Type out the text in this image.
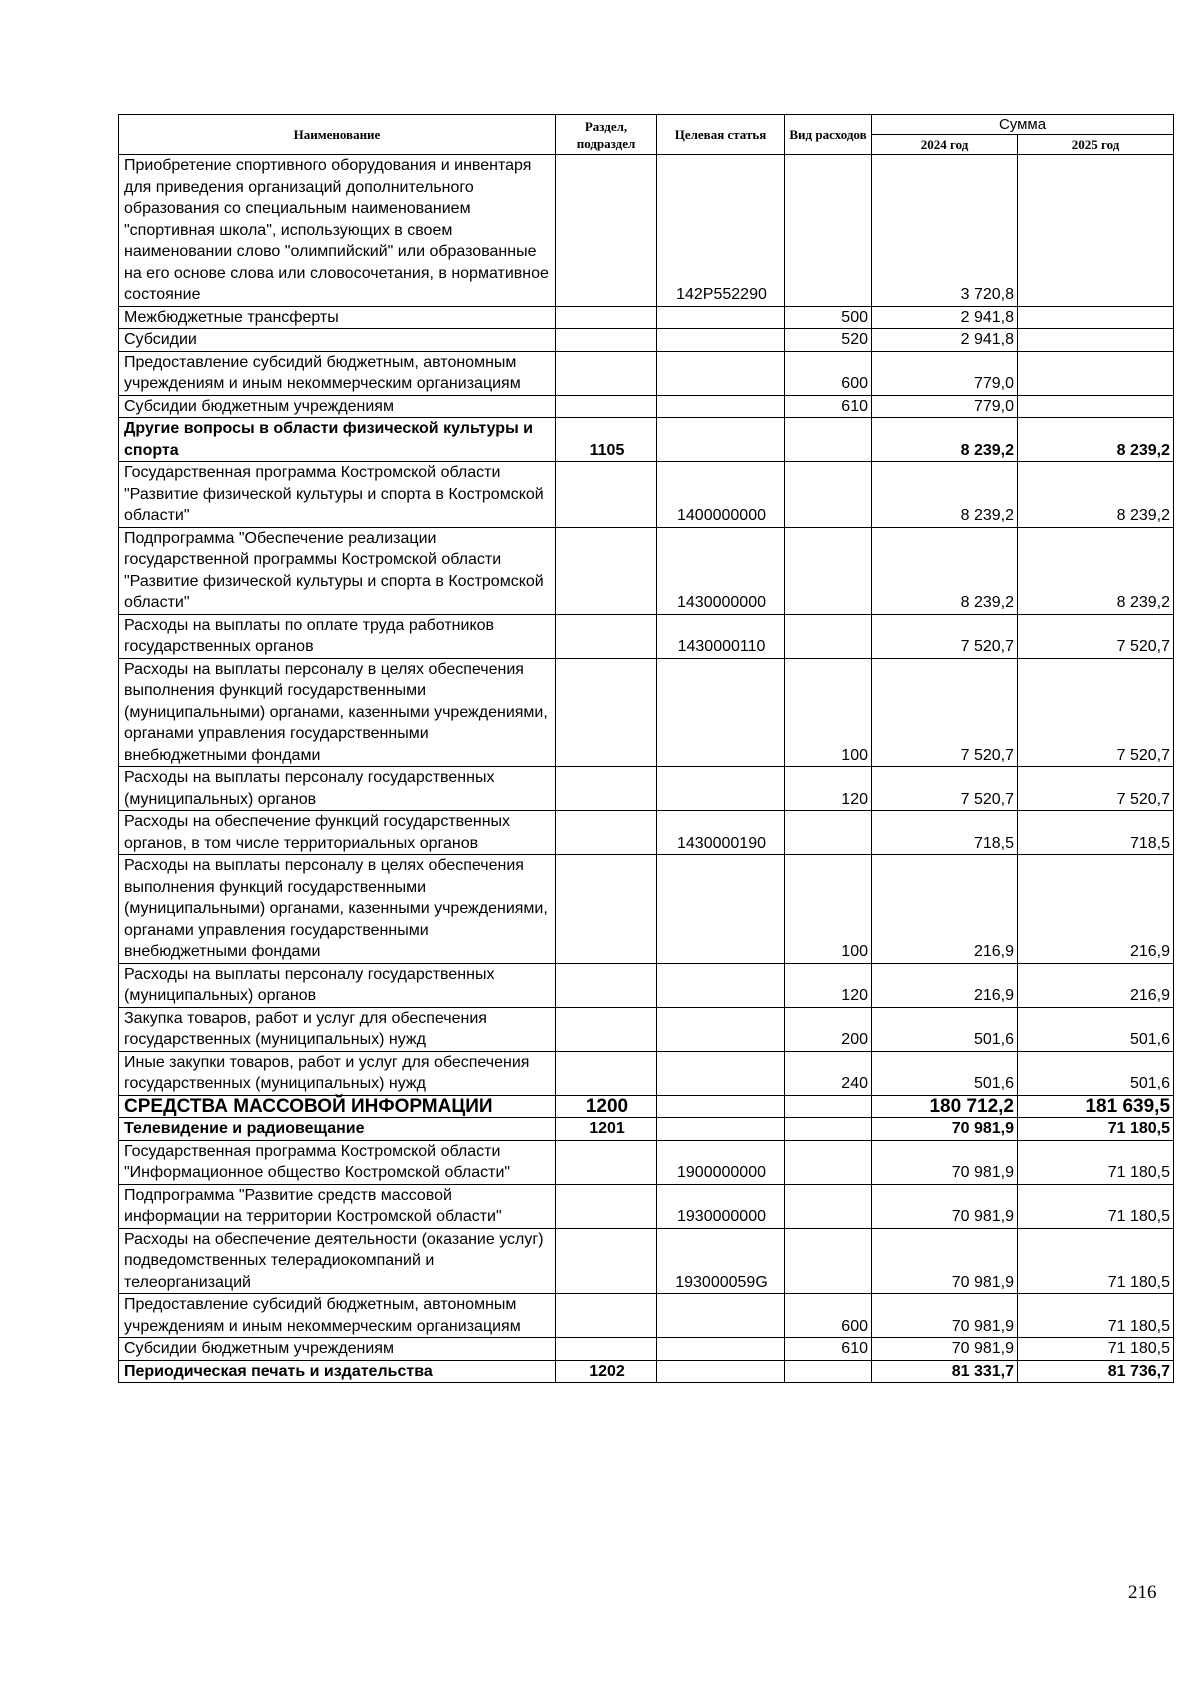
Наименование	Раздел, подраздел	Целевая статья	Вид расходов	Сумма	
				2024 год	2025 год
Приобретение спортивного оборудования и инвентаря для приведения организаций дополнительного образования со специальным наименованием "спортивная школа", использующих в своем наименовании слово "олимпийский" или образованные на его основе слова или словосочетания, в нормативное состояние		142P552290		3 720,8	
Межбюджетные трансферты			500	2 941,8	
Субсидии			520	2 941,8	
Предоставление субсидий бюджетным, автономным учреждениям и иным некоммерческим организациям			600	779,0	
Субсидии бюджетным учреждениям			610	779,0	
Другие вопросы в области физической культуры и спорта	1105			8 239,2	8 239,2
Государственная программа Костромской области "Развитие физической культуры и спорта в Костромской области"		1400000000		8 239,2	8 239,2
Подпрограмма "Обеспечение реализации государственной программы Костромской области "Развитие физической культуры и спорта в Костромской области"		1430000000		8 239,2	8 239,2
Расходы на выплаты по оплате труда работников государственных органов		1430000110		7 520,7	7 520,7
Расходы на выплаты персоналу в целях обеспечения выполнения функций государственными (муниципальными) органами, казенными учреждениями, органами управления государственными внебюджетными фондами			100	7 520,7	7 520,7
Расходы на выплаты персоналу государственных (муниципальных) органов			120	7 520,7	7 520,7
Расходы на обеспечение функций государственных органов, в том числе территориальных органов		1430000190		718,5	718,5
Расходы на выплаты персоналу в целях обеспечения выполнения функций государственными (муниципальными) органами, казенными учреждениями, органами управления государственными внебюджетными фондами			100	216,9	216,9
Расходы на выплаты персоналу государственных (муниципальных) органов			120	216,9	216,9
Закупка товаров, работ и услуг для обеспечения государственных (муниципальных) нужд			200	501,6	501,6
Иные закупки товаров, работ и услуг для обеспечения государственных (муниципальных) нужд			240	501,6	501,6
СРЕДСТВА МАССОВОЙ ИНФОРМАЦИИ	1200			180 712,2	181 639,5
Телевидение и радиовещание	1201			70 981,9	71 180,5
Государственная программа Костромской области "Информационное общество Костромской области"		1900000000		70 981,9	71 180,5
Подпрограмма "Развитие средств массовой информации на территории Костромской области"		1930000000		70 981,9	71 180,5
Расходы на обеспечение деятельности (оказание услуг) подведомственных телерадиокомпаний и телеорганизаций		193000059G		70 981,9	71 180,5
Предоставление субсидий бюджетным, автономным учреждениям и иным некоммерческим организациям			600	70 981,9	71 180,5
Субсидии бюджетным учреждениям			610	70 981,9	71 180,5
Периодическая печать и издательства	1202			81 331,7	81 736,7
216
